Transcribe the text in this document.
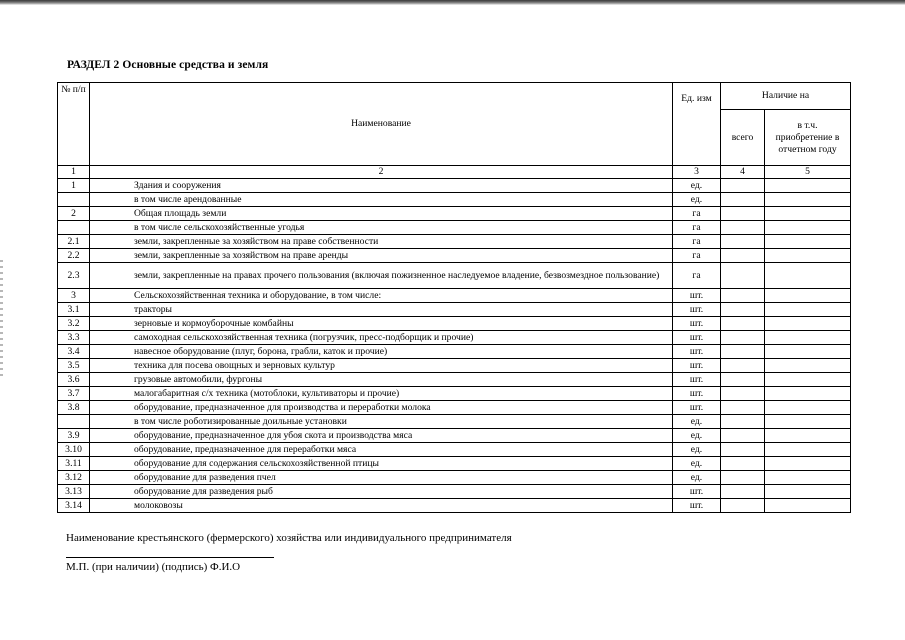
РАЗДЕЛ 2 Основные средства и земля
№ п/п	Наименование	Ед. изм	Наличие на	
			всего	в т.ч. приобретение в отчетном году
1	2	3	4	5
1	Здания и сооружения	ед.		
	в том числе арендованные	ед.		
2	Общая площадь земли	га		
	в том числе сельскохозяйственные угодья	га		
2.1	земли, закрепленные за хозяйством на праве собственности	га		
2.2	земли, закрепленные за хозяйством на праве аренды	га		
2.3	земли, закрепленные на правах прочего пользования (включая пожизненное наследуемое владение, безвозмездное пользование)	га		
3	Сельскохозяйственная техника и оборудование, в том числе:	шт.		
3.1	тракторы	шт.		
3.2	зерновые и кормоуборочные комбайны	шт.		
3.3	самоходная сельскохозяйственная техника (погрузчик, пресс-подборщик и прочие)	шт.		
3.4	навесное оборудование (плуг, борона, грабли, каток и прочие)	шт.		
3.5	техника для посева овощных и зерновых культур	шт.		
3.6	грузовые автомобили, фургоны	шт.		
3.7	малогабаритная с/х техника (мотоблоки, культиваторы и прочие)	шт.		
3.8	оборудование, предназначенное для производства и переработки молока	шт.		
	в том числе роботизированные доильные установки	ед.		
3.9	оборудование, предназначенное для убоя скота и производства мяса	ед.		
3.10	оборудование, предназначенное для переработки мяса	ед.		
3.11	оборудование для содержания сельскохозяйственной птицы	ед.		
3.12	оборудование для разведения пчел	ед.		
3.13	оборудование для разведения рыб	шт.		
3.14	молоковозы	шт.		
Наименование крестьянского (фермерского) хозяйства или индивидуального предпринимателя
М.П. (при наличии) (подпись) Ф.И.О
